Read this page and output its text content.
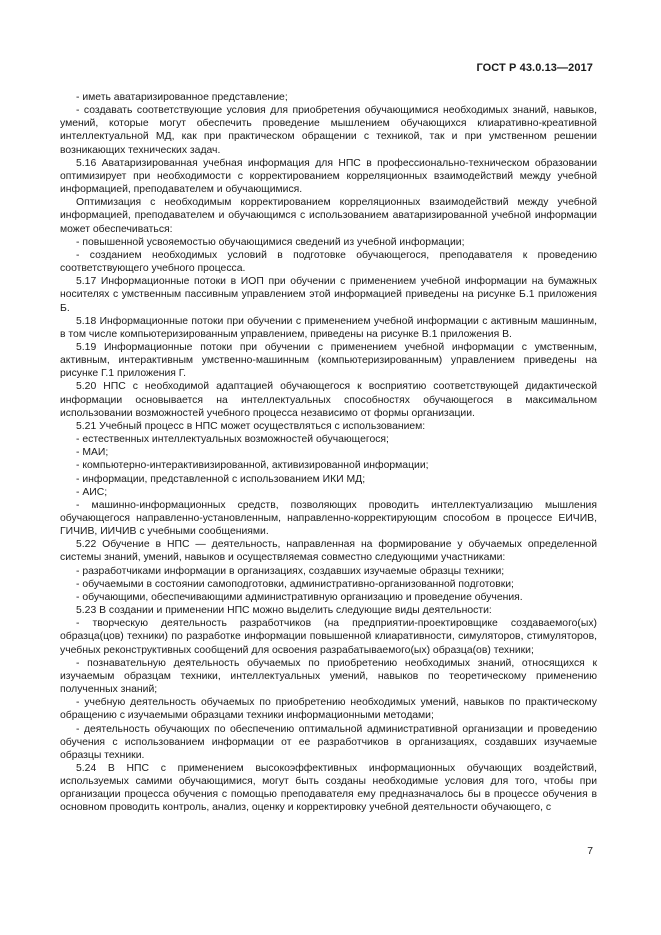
ГОСТ Р 43.0.13—2017

- иметь аватаризированное представление;

- создавать соответствующие условия для приобретения обучающимися необходимых знаний, навыков, умений, которые могут обеспечить проведение мышлением обучающихся клиаративно-креативной интеллектуальной МД, как при практическом обращении с техникой, так и при умственном решении возникающих технических задач.

5.16 Аватаризированная учебная информация для НПС в профессионально-техническом образовании оптимизирует при необходимости с корректированием корреляционных взаимодействий между учебной информацией, преподавателем и обучающимися.

Оптимизация с необходимым корректированием корреляционных взаимодействий между учебной информацией, преподавателем и обучающимся с использованием аватаризированной учебной информации может обеспечиваться:

- повышенной усвояемостью обучающимися сведений из учебной информации;

- созданием необходимых условий в подготовке обучающегося, преподавателя к проведению соответствующего учебного процесса.

5.17 Информационные потоки в ИОП при обучении с применением учебной информации на бумажных носителях с умственным пассивным управлением этой информацией приведены на рисунке Б.1 приложения Б.

5.18 Информационные потоки при обучении с применением учебной информации с активным машинным, в том числе компьютеризированным управлением, приведены на рисунке В.1 приложения В.

5.19 Информационные потоки при обучении с применением учебной информации с умственным, активным, интерактивным умственно-машинным (компьютеризированным) управлением приведены на рисунке Г.1 приложения Г.

5.20 НПС с необходимой адаптацией обучающегося к восприятию соответствующей дидактической информации основывается на интеллектуальных способностях обучающегося в максимальном использовании возможностей учебного процесса независимо от формы организации.

5.21 Учебный процесс в НПС может осуществляться с использованием:

- естественных интеллектуальных возможностей обучающегося;

- МАИ;

- компьютерно-интерактивизированной, активизированной информации;

- информации, представленной с использованием ИКИ МД;

- АИС;

- машинно-информационных средств, позволяющих проводить интеллектуализацию мышления обучающегося направленно-установленным, направленно-корректирующим способом в процессе ЕИЧИВ, ГИЧИВ, ИИЧИВ с учебными сообщениями.

5.22 Обучение в НПС — деятельность, направленная на формирование у обучаемых определенной системы знаний, умений, навыков и осуществляемая совместно следующими участниками:

- разработчиками информации в организациях, создавших изучаемые образцы техники;

- обучаемыми в состоянии самоподготовки, административно-организованной подготовки;

- обучающими, обеспечивающими административную организацию и проведение обучения.

5.23 В создании и применении НПС можно выделить следующие виды деятельности:

- творческую деятельность разработчиков (на предприятии-проектировщике создаваемого(ых) образца(цов) техники) по разработке информации повышенной клиаративности, симуляторов, стимуляторов, учебных реконструктивных сообщений для освоения разрабатываемого(ых) образца(ов) техники;

- познавательную деятельность обучаемых по приобретению необходимых знаний, относящихся к изучаемым образцам техники, интеллектуальных умений, навыков по теоретическому применению полученных знаний;

- учебную деятельность обучаемых по приобретению необходимых умений, навыков по практическому обращению с изучаемыми образцами техники информационными методами;

- деятельность обучающих по обеспечению оптимальной административной организации и проведению обучения с использованием информации от ее разработчиков в организациях, создавших изучаемые образцы техники.

5.24 В НПС с применением высокоэффективных информационных обучающих воздействий, используемых самими обучающимися, могут быть созданы необходимые условия для того, чтобы при организации процесса обучения с помощью преподавателя ему предназначалось бы в процессе обучения в основном проводить контроль, анализ, оценку и корректировку учебной деятельности обучающего, с

7
